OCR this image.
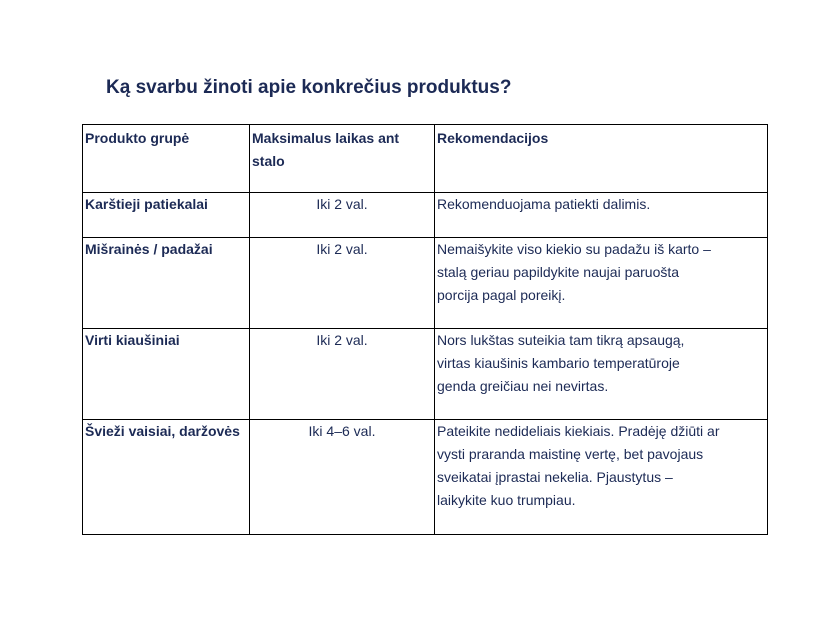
Ką svarbu žinoti apie konkrečius produktus?
Produkto grupė	Maksimalus laikas ant stalo	Rekomendacijos
Karštieji patiekalai	Iki 2 val.	Rekomenduojama patiekti dalimis.

Mišrainės / padažai	Iki 2 val.	Nemaišykite viso kiekio su padažu iš karto –
stalą geriau papildykite naujai paruošta
porcija pagal poreikį.

Virti kiaušiniai	Iki 2 val.	Nors lukštas suteikia tam tikrą apsaugą,
virtas kiaušinis kambario temperatūroje
genda greičiau nei nevirtas.

Švieži vaisiai, daržovės	Iki 4–6 val.	Pateikite nedideliais kiekiais. Pradėję džiūti ar
vysti praranda maistinę vertę, bet pavojaus
sveikatai įprastai nekelia. Pjaustytus –
laikykite kuo trumpiau.
